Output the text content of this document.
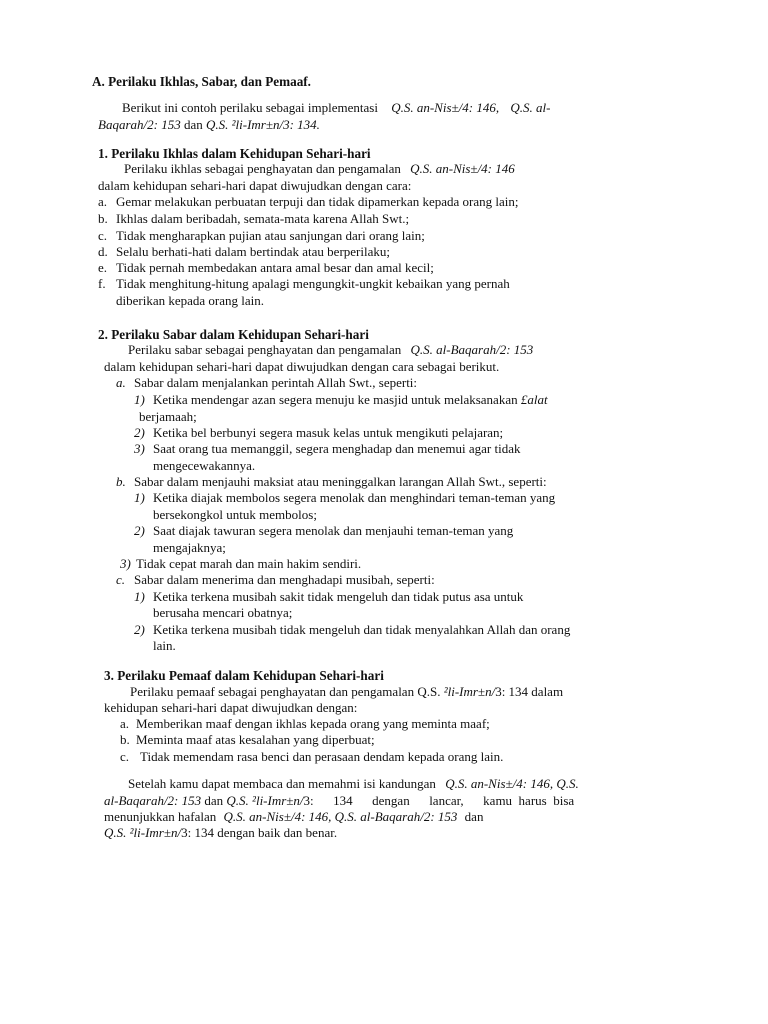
A. Perilaku Ikhlas, Sabar, dan Pemaaf.
Berikut ini contoh perilaku sebagai implementasi Q.S. an-Nis±/4: 146, Q.S. al-
Baqarah/2: 153 dan Q.S. ²li-Imr±n/3: 134.
1. Perilaku Ikhlas dalam Kehidupan Sehari-hari
Perilaku ikhlas sebagai penghayatan dan pengamalan Q.S. an-Nis±/4: 146
dalam kehidupan sehari-hari dapat diwujudkan dengan cara:
a. Gemar melakukan perbuatan terpuji dan tidak dipamerkan kepada orang lain;
b. Ikhlas dalam beribadah, semata-mata karena Allah Swt.;
c. Tidak mengharapkan pujian atau sanjungan dari orang lain;
d. Selalu berhati-hati dalam bertindak atau berperilaku;
e. Tidak pernah membedakan antara amal besar dan amal kecil;
f. Tidak menghitung-hitung apalagi mengungkit-ungkit kebaikan yang pernah
diberikan kepada orang lain.
2. Perilaku Sabar dalam Kehidupan Sehari-hari
Perilaku sabar sebagai penghayatan dan pengamalan Q.S. al-Baqarah/2: 153
dalam kehidupan sehari-hari dapat diwujudkan dengan cara sebagai berikut.
a. Sabar dalam menjalankan perintah Allah Swt., seperti:
1) Ketika mendengar azan segera menuju ke masjid untuk melaksanakan £alat
berjamaah;
2) Ketika bel berbunyi segera masuk kelas untuk mengikuti pelajaran;
3) Saat orang tua memanggil, segera menghadap dan menemui agar tidak
mengecewakannya.
b. Sabar dalam menjauhi maksiat atau meninggalkan larangan Allah Swt., seperti:
1) Ketika diajak membolos segera menolak dan menghindari teman-teman yang
bersekongkol untuk membolos;
2) Saat diajak tawuran segera menolak dan menjauhi teman-teman yang
mengajaknya;
3) Tidak cepat marah dan main hakim sendiri.
c. Sabar dalam menerima dan menghadapi musibah, seperti:
1) Ketika terkena musibah sakit tidak mengeluh dan tidak putus asa untuk
berusaha mencari obatnya;
2) Ketika terkena musibah tidak mengeluh dan tidak menyalahkan Allah dan orang
lain.
3. Perilaku Pemaaf dalam Kehidupan Sehari-hari
Perilaku pemaaf sebagai penghayatan dan pengamalan Q.S. ²li-Imr±n/3: 134 dalam
kehidupan sehari-hari dapat diwujudkan dengan:
a. Memberikan maaf dengan ikhlas kepada orang yang meminta maaf;
b. Meminta maaf atas kesalahan yang diperbuat;
c. Tidak memendam rasa benci dan perasaan dendam kepada orang lain.
Setelah kamu dapat membaca dan memahmi isi kandungan Q.S. an-Nis±/4: 146, Q.S.
al-Baqarah/2: 153 dan Q.S. ²li-Imr±n/3:      134      dengan      lancar,      kamu  harus  bisa
menunjukkan hafalan Q.S. an-Nis±/4: 146, Q.S. al-Baqarah/2: 153 dan
Q.S. ²li-Imr±n/3: 134 dengan baik dan benar.
